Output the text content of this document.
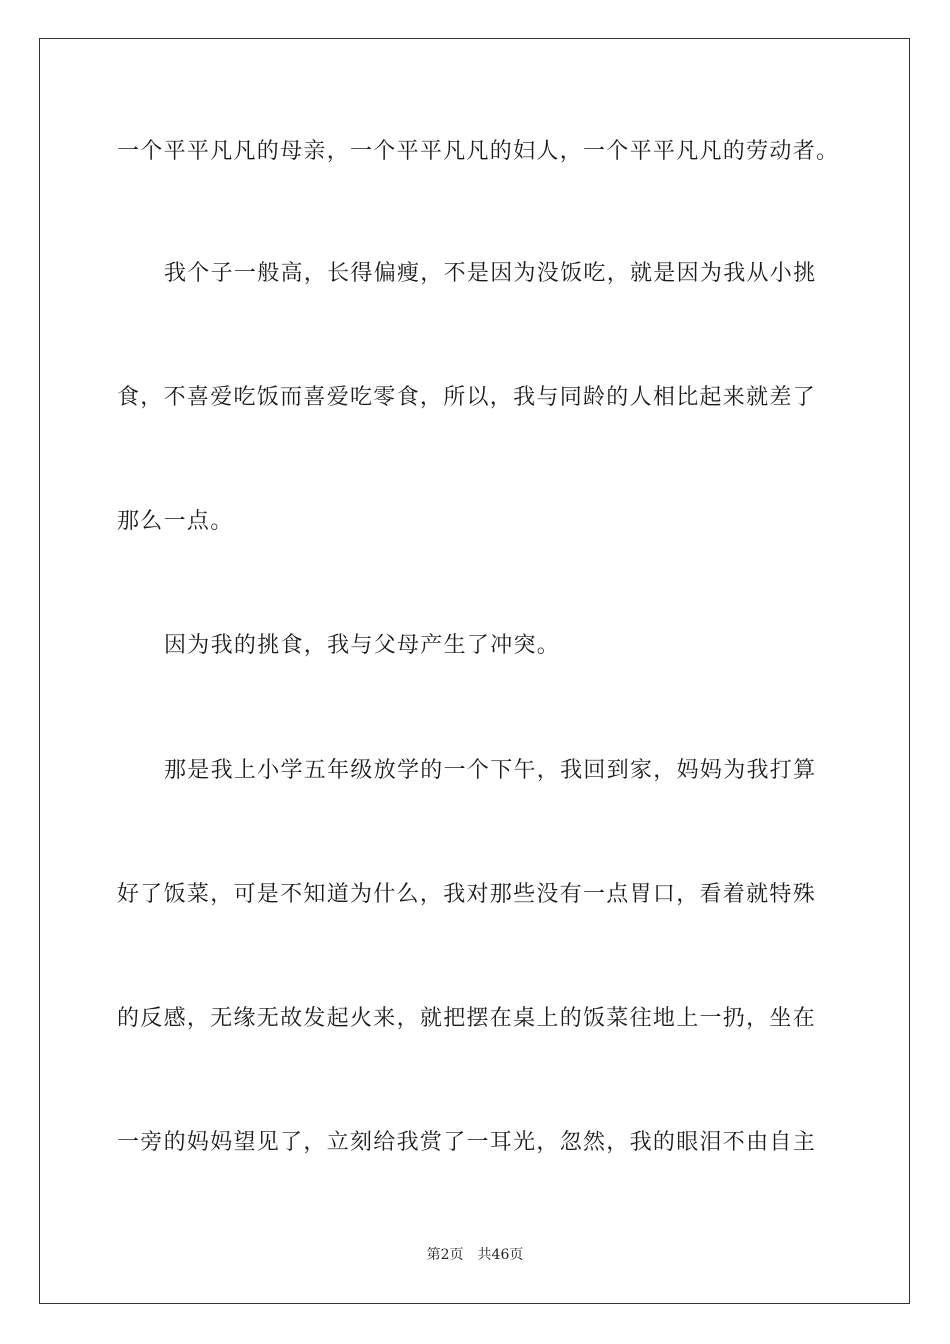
一个平平凡凡的母亲，一个平平凡凡的妇人，一个平平凡凡的劳动者。
我个子一般高，长得偏瘦，不是因为没饭吃，就是因为我从小挑
食，不喜爱吃饭而喜爱吃零食，所以，我与同龄的人相比起来就差了
那么一点。
因为我的挑食，我与父母产生了冲突。
那是我上小学五年级放学的一个下午，我回到家，妈妈为我打算
好了饭菜，可是不知道为什么，我对那些没有一点胃口，看着就特殊
的反感，无缘无故发起火来，就把摆在桌上的饭菜往地上一扔，坐在
一旁的妈妈望见了，立刻给我赏了一耳光，忽然，我的眼泪不由自主
第2页 共46页
